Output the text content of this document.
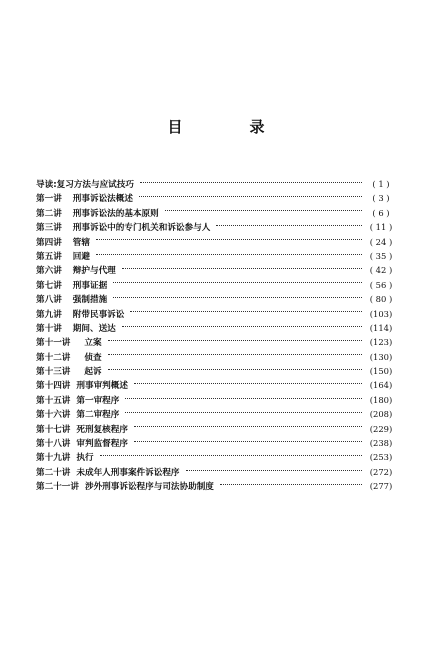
目　录
导读:复习方法与应试技巧	( 1 )
第一讲 刑事诉讼法概述	( 3 )
第二讲 刑事诉讼法的基本原则	( 6 )
第三讲 刑事诉讼中的专门机关和诉讼参与人	( 11 )
第四讲 管辖	( 24 )
第五讲 回避	( 35 )
第六讲 辩护与代理	( 42 )
第七讲 刑事证据	( 56 )
第八讲 强制措施	( 80 )
第九讲 附带民事诉讼	(103)
第十讲 期间、送达	(114)
第十一讲 立案	(123)
第十二讲 侦查	(130)
第十三讲 起诉	(150)
第十四讲 刑事审判概述	(164)
第十五讲 第一审程序	(180)
第十六讲 第二审程序	(208)
第十七讲 死刑复核程序	(229)
第十八讲 审判监督程序	(238)
第十九讲 执行	(253)
第二十讲 未成年人刑事案件诉讼程序	(272)
第二十一讲 涉外刑事诉讼程序与司法协助制度	(277)
